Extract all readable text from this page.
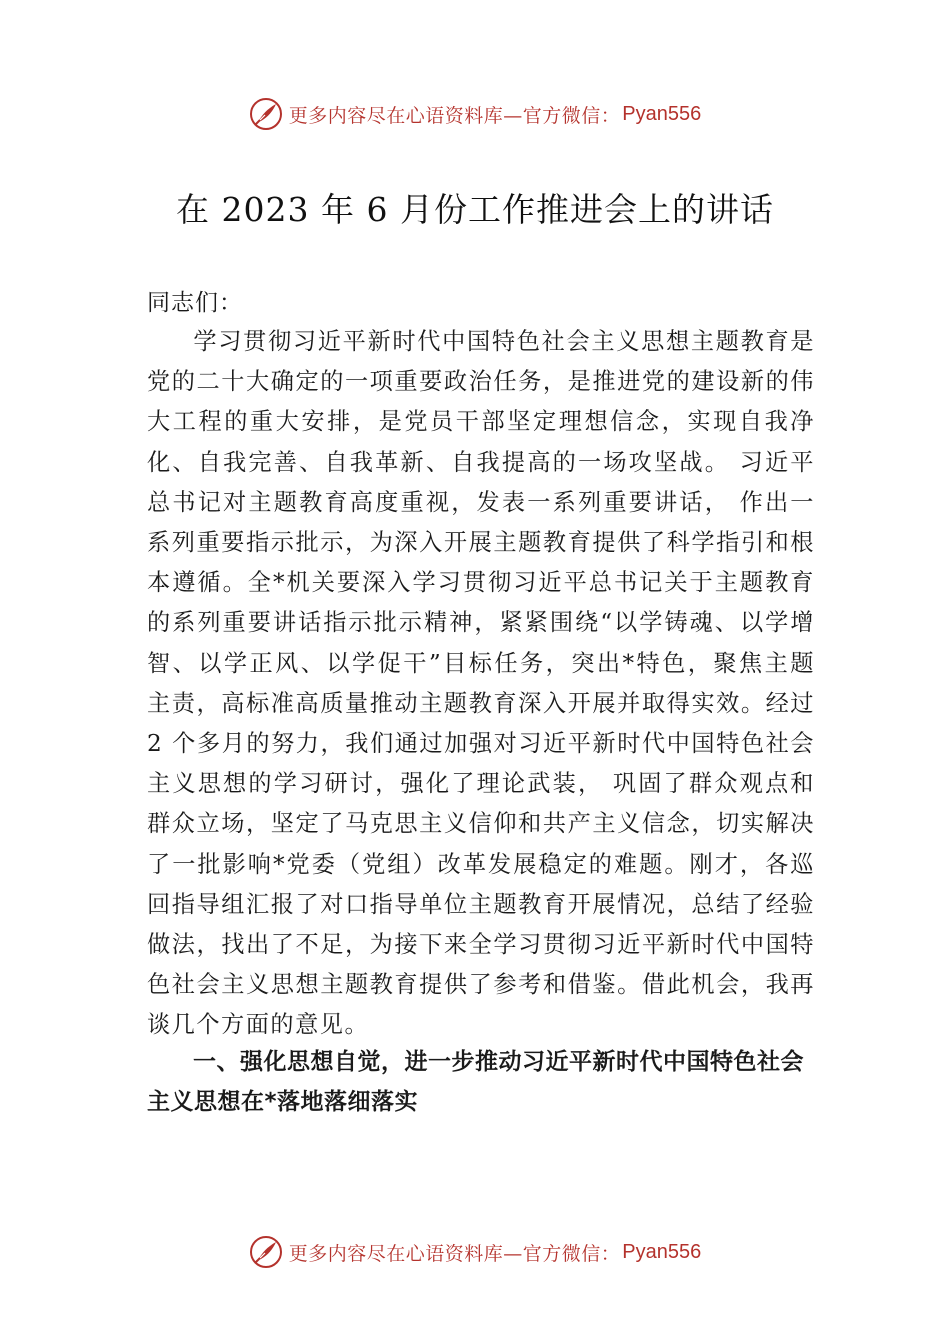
更多内容尽在心语资料库—官方微信： Pyan556
在 2023 年 6 月份工作推进会上的讲话
同志们：

学习贯彻习近平新时代中国特色社会主义思想主题教育是党的二十大确定的一项重要政治任务，是推进党的建设新的伟大工程的重大安排，是党员干部坚定理想信念，实现自我净化、自我完善、自我革新、自我提高的一场攻坚战。 习近平总书记对主题教育高度重视，发表一系列重要讲话， 作出一系列重要指示批示，为深入开展主题教育提供了科学指引和根本遵循。全*机关要深入学习贯彻习近平总书记关于主题教育的系列重要讲话指示批示精神，紧紧围绕“以学铸魂、以学增智、以学正风、以学促干”目标任务，突出*特色，聚焦主题主责，高标准高质量推动主题教育深入开展并取得实效。经过 2 个多月的努力，我们通过加强对习近平新时代中国特色社会主义思想的学习研讨，强化了理论武装， 巩固了群众观点和群众立场，坚定了马克思主义信仰和共产主义信念，切实解决了一批影响*党委（党组）改革发展稳定的难题。刚才，各巡回指导组汇报了对口指导单位主题教育开展情况，总结了经验做法，找出了不足，为接下来全学习贯彻习近平新时代中国特色社会主义思想主题教育提供了参考和借鉴。借此机会，我再谈几个方面的意见。

一、强化思想自觉，进一步推动习近平新时代中国特色社会主义思想在*落地落细落实

更多内容尽在心语资料库—官方微信： Pyan556
